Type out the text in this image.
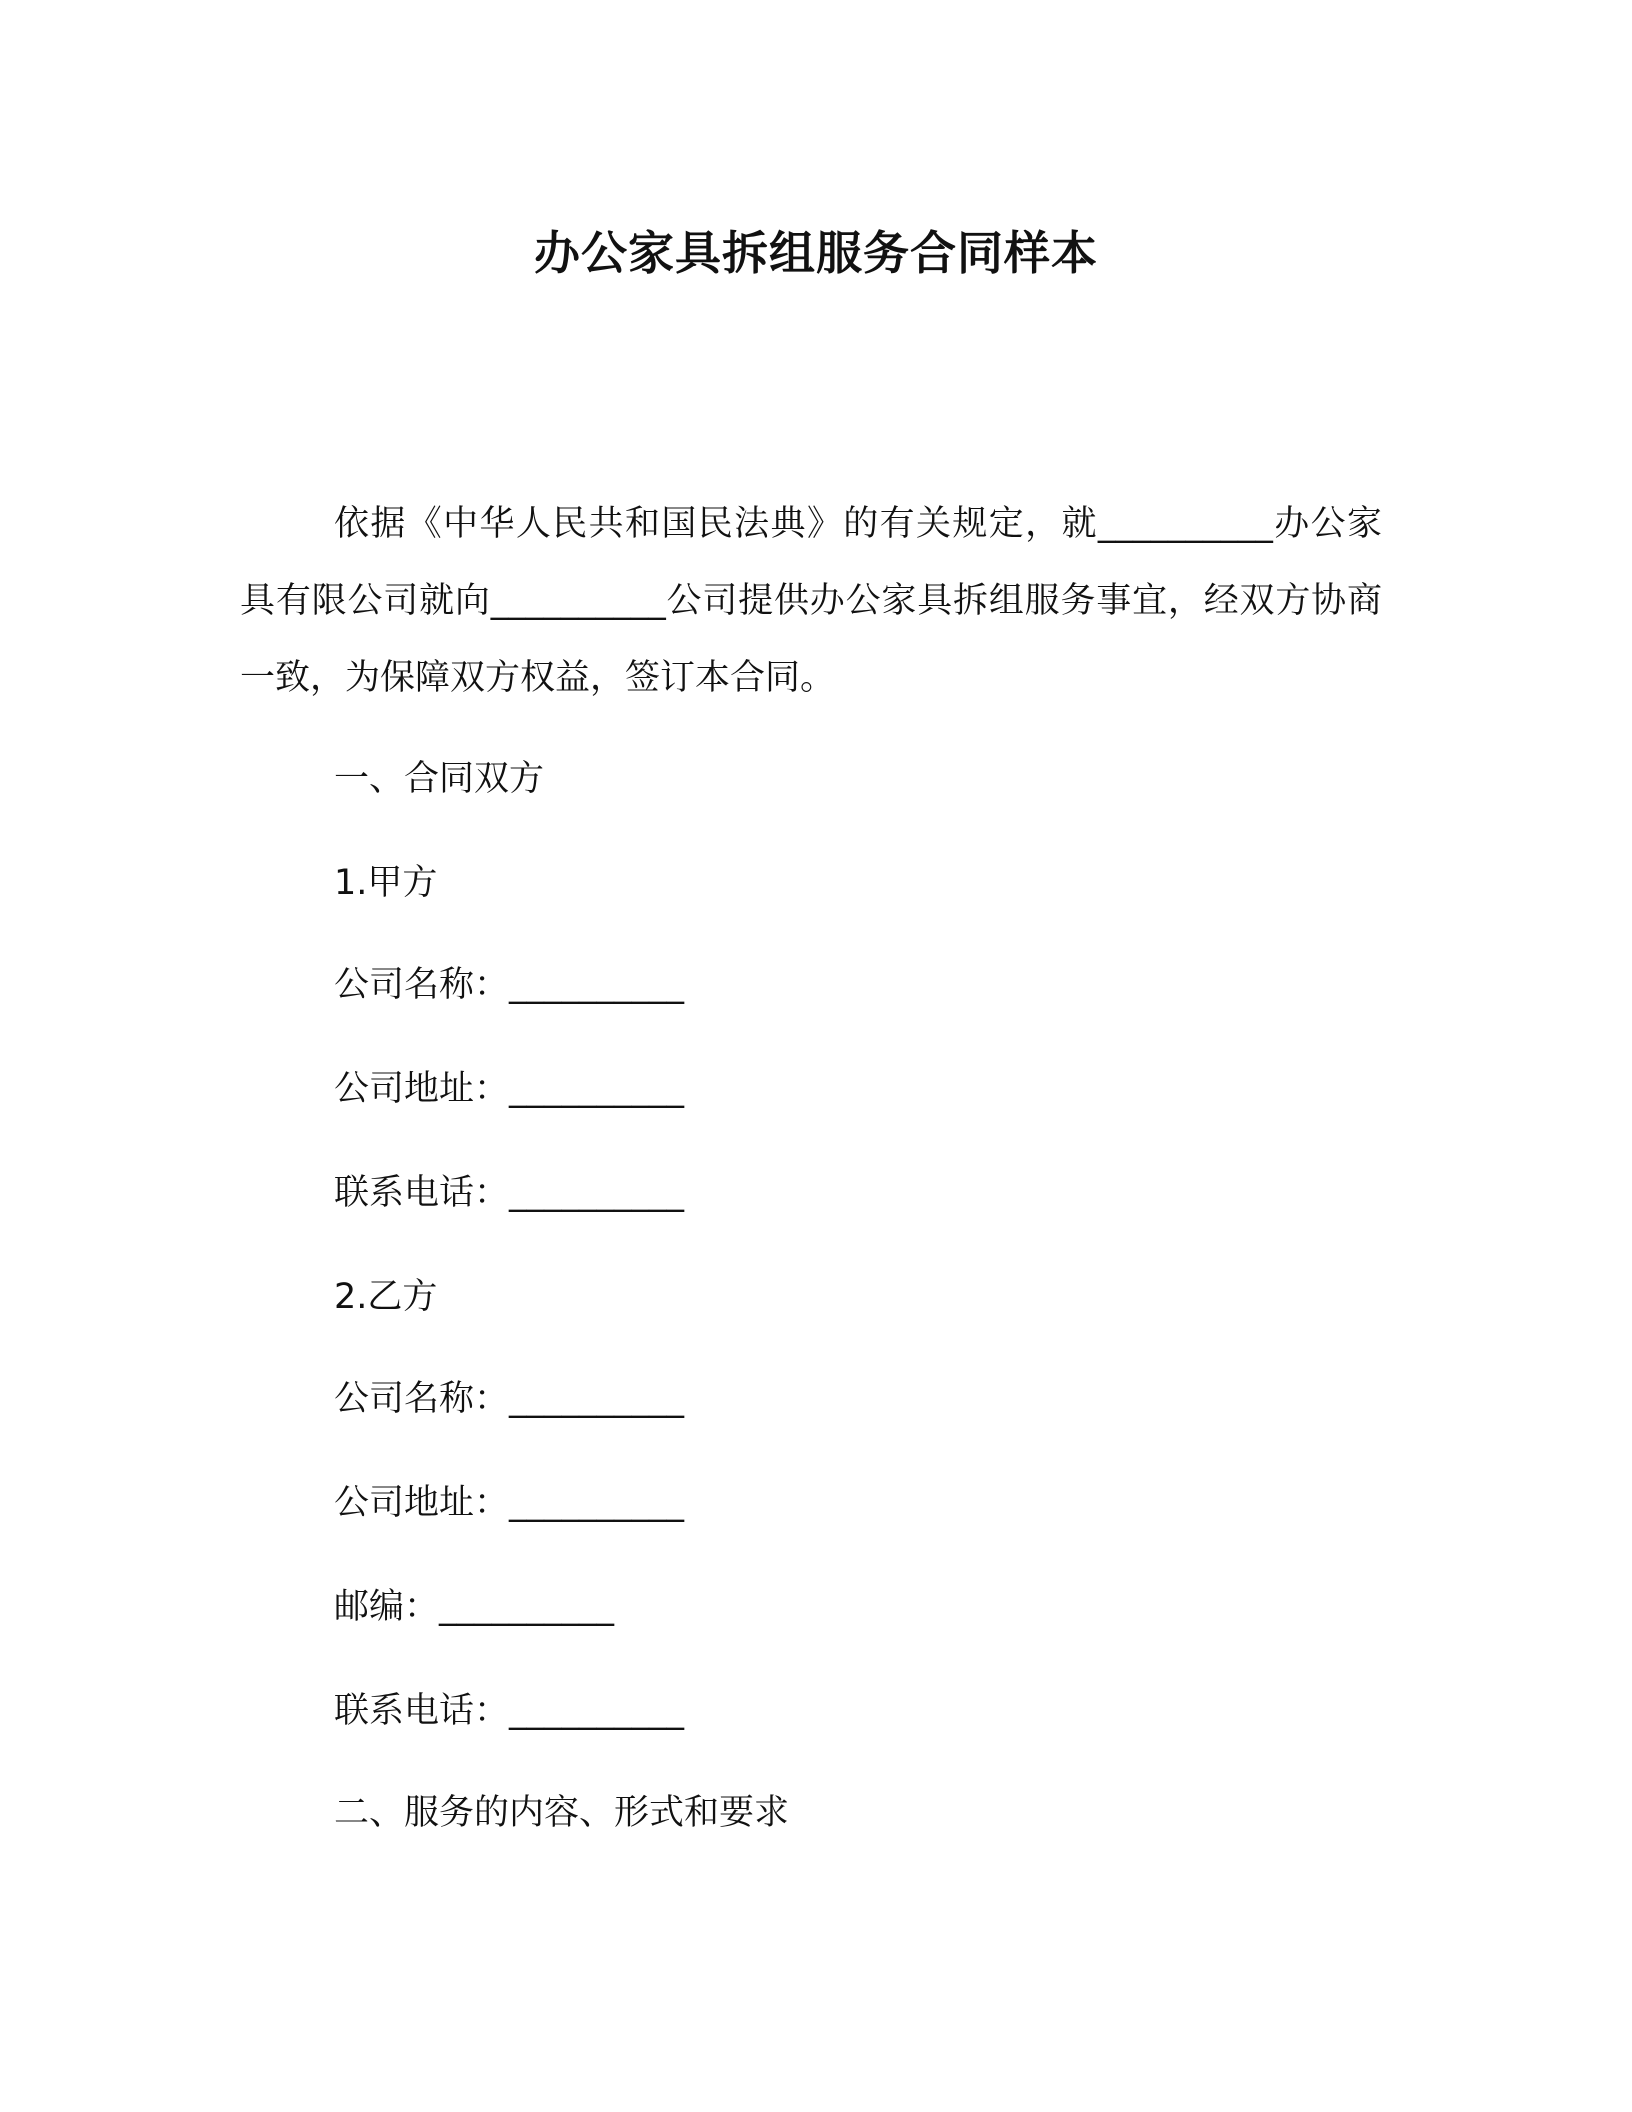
办公家具拆组服务合同样本

依据《中华人民共和国民法典》的有关规定，就__________办公家具有限公司就向__________公司提供办公家具拆组服务事宜，经双方协商一致，为保障双方权益，签订本合同。

一、合同双方

1.甲方

公司名称：__________

公司地址：__________

联系电话：__________

2.乙方

公司名称：__________

公司地址：__________

邮编：__________

联系电话：__________

二、服务的内容、形式和要求
